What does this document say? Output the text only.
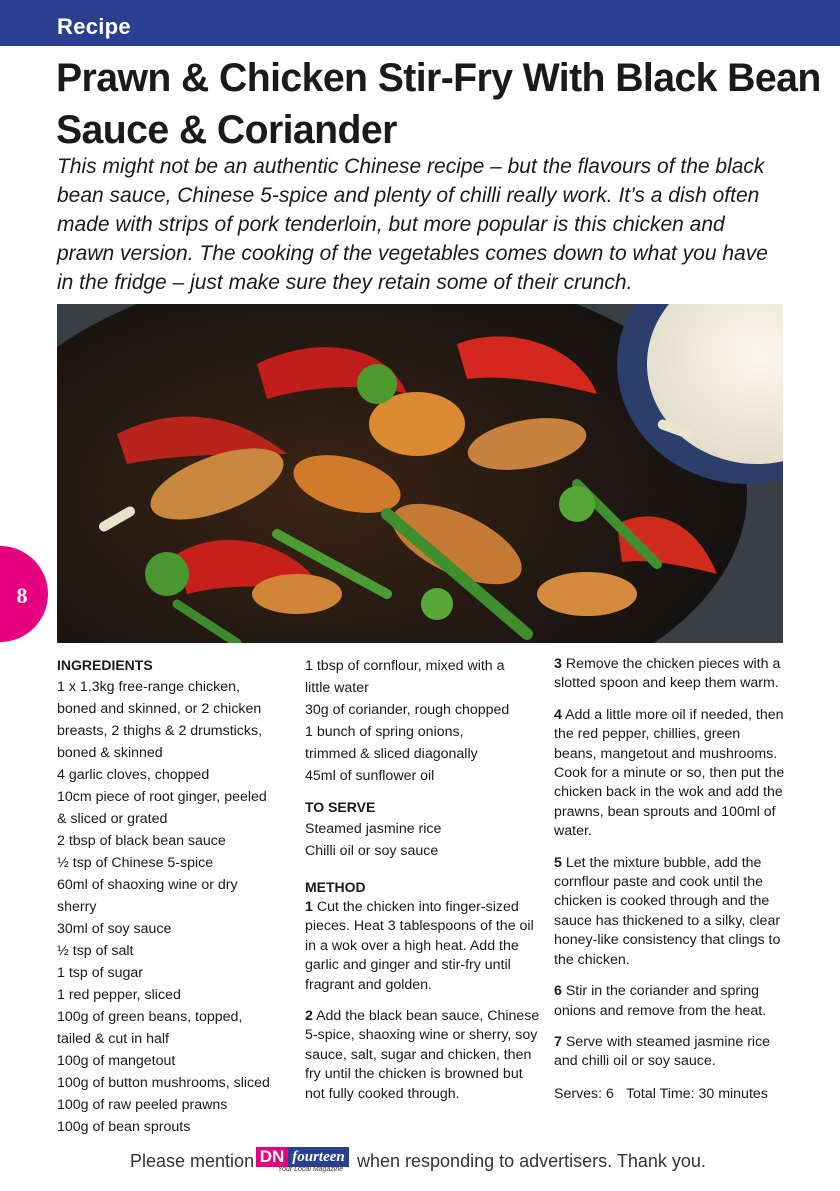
Recipe
Prawn & Chicken Stir-Fry With Black Bean
Sauce & Coriander
This might not be an authentic Chinese recipe – but the flavours of the black
bean sauce, Chinese 5-spice and plenty of chilli really work. It’s a dish often
made with strips of pork tenderloin, but more popular is this chicken and
prawn version. The cooking of the vegetables comes down to what you have
in the fridge – just make sure they retain some of their crunch.
8
INGREDIENTS
1 x 1.3kg free-range chicken,
boned and skinned, or 2 chicken
breasts, 2 thighs & 2 drumsticks,
boned & skinned
4 garlic cloves, chopped
10cm piece of root ginger, peeled
& sliced or grated
2 tbsp of black bean sauce
½ tsp of Chinese 5-spice
60ml of shaoxing wine or dry
sherry
30ml of soy sauce
½ tsp of salt
1 tsp of sugar
1 red pepper, sliced
100g of green beans, topped,
tailed & cut in half
100g of mangetout
100g of button mushrooms, sliced
100g of raw peeled prawns
100g of bean sprouts
1 tbsp of cornflour, mixed with a
little water
30g of coriander, rough chopped
1 bunch of spring onions,
trimmed & sliced diagonally
45ml of sunflower oil
TO SERVE
Steamed jasmine rice
Chilli oil or soy sauce
METHOD

1 Cut the chicken into finger-sized pieces. Heat 3 tablespoons of the oil in a wok over a high heat. Add the garlic and ginger and stir-fry until fragrant and golden.

2 Add the black bean sauce, Chinese 5-spice, shaoxing wine or sherry, soy sauce, salt, sugar and chicken, then fry until the chicken is browned but not fully cooked through.

3 Remove the chicken pieces with a slotted spoon and keep them warm.

4 Add a little more oil if needed, then the red pepper, chillies, green beans, mangetout and mushrooms. Cook for a minute or so, then put the chicken back in the wok and add the prawns, bean sprouts and 100ml of water.

5 Let the mixture bubble, add the cornflour paste and cook until the chicken is cooked through and the sauce has thickened to a silky, clear honey-like consistency that clings to the chicken.

6 Stir in the coriander and spring onions and remove from the heat.

7 Serve with steamed jasmine rice and chilli oil or soy sauce.

Serves: 6 Total Time: 30 minutes
Please mention DN fourteen
Your Local Magazine when responding to advertisers. Thank you.
